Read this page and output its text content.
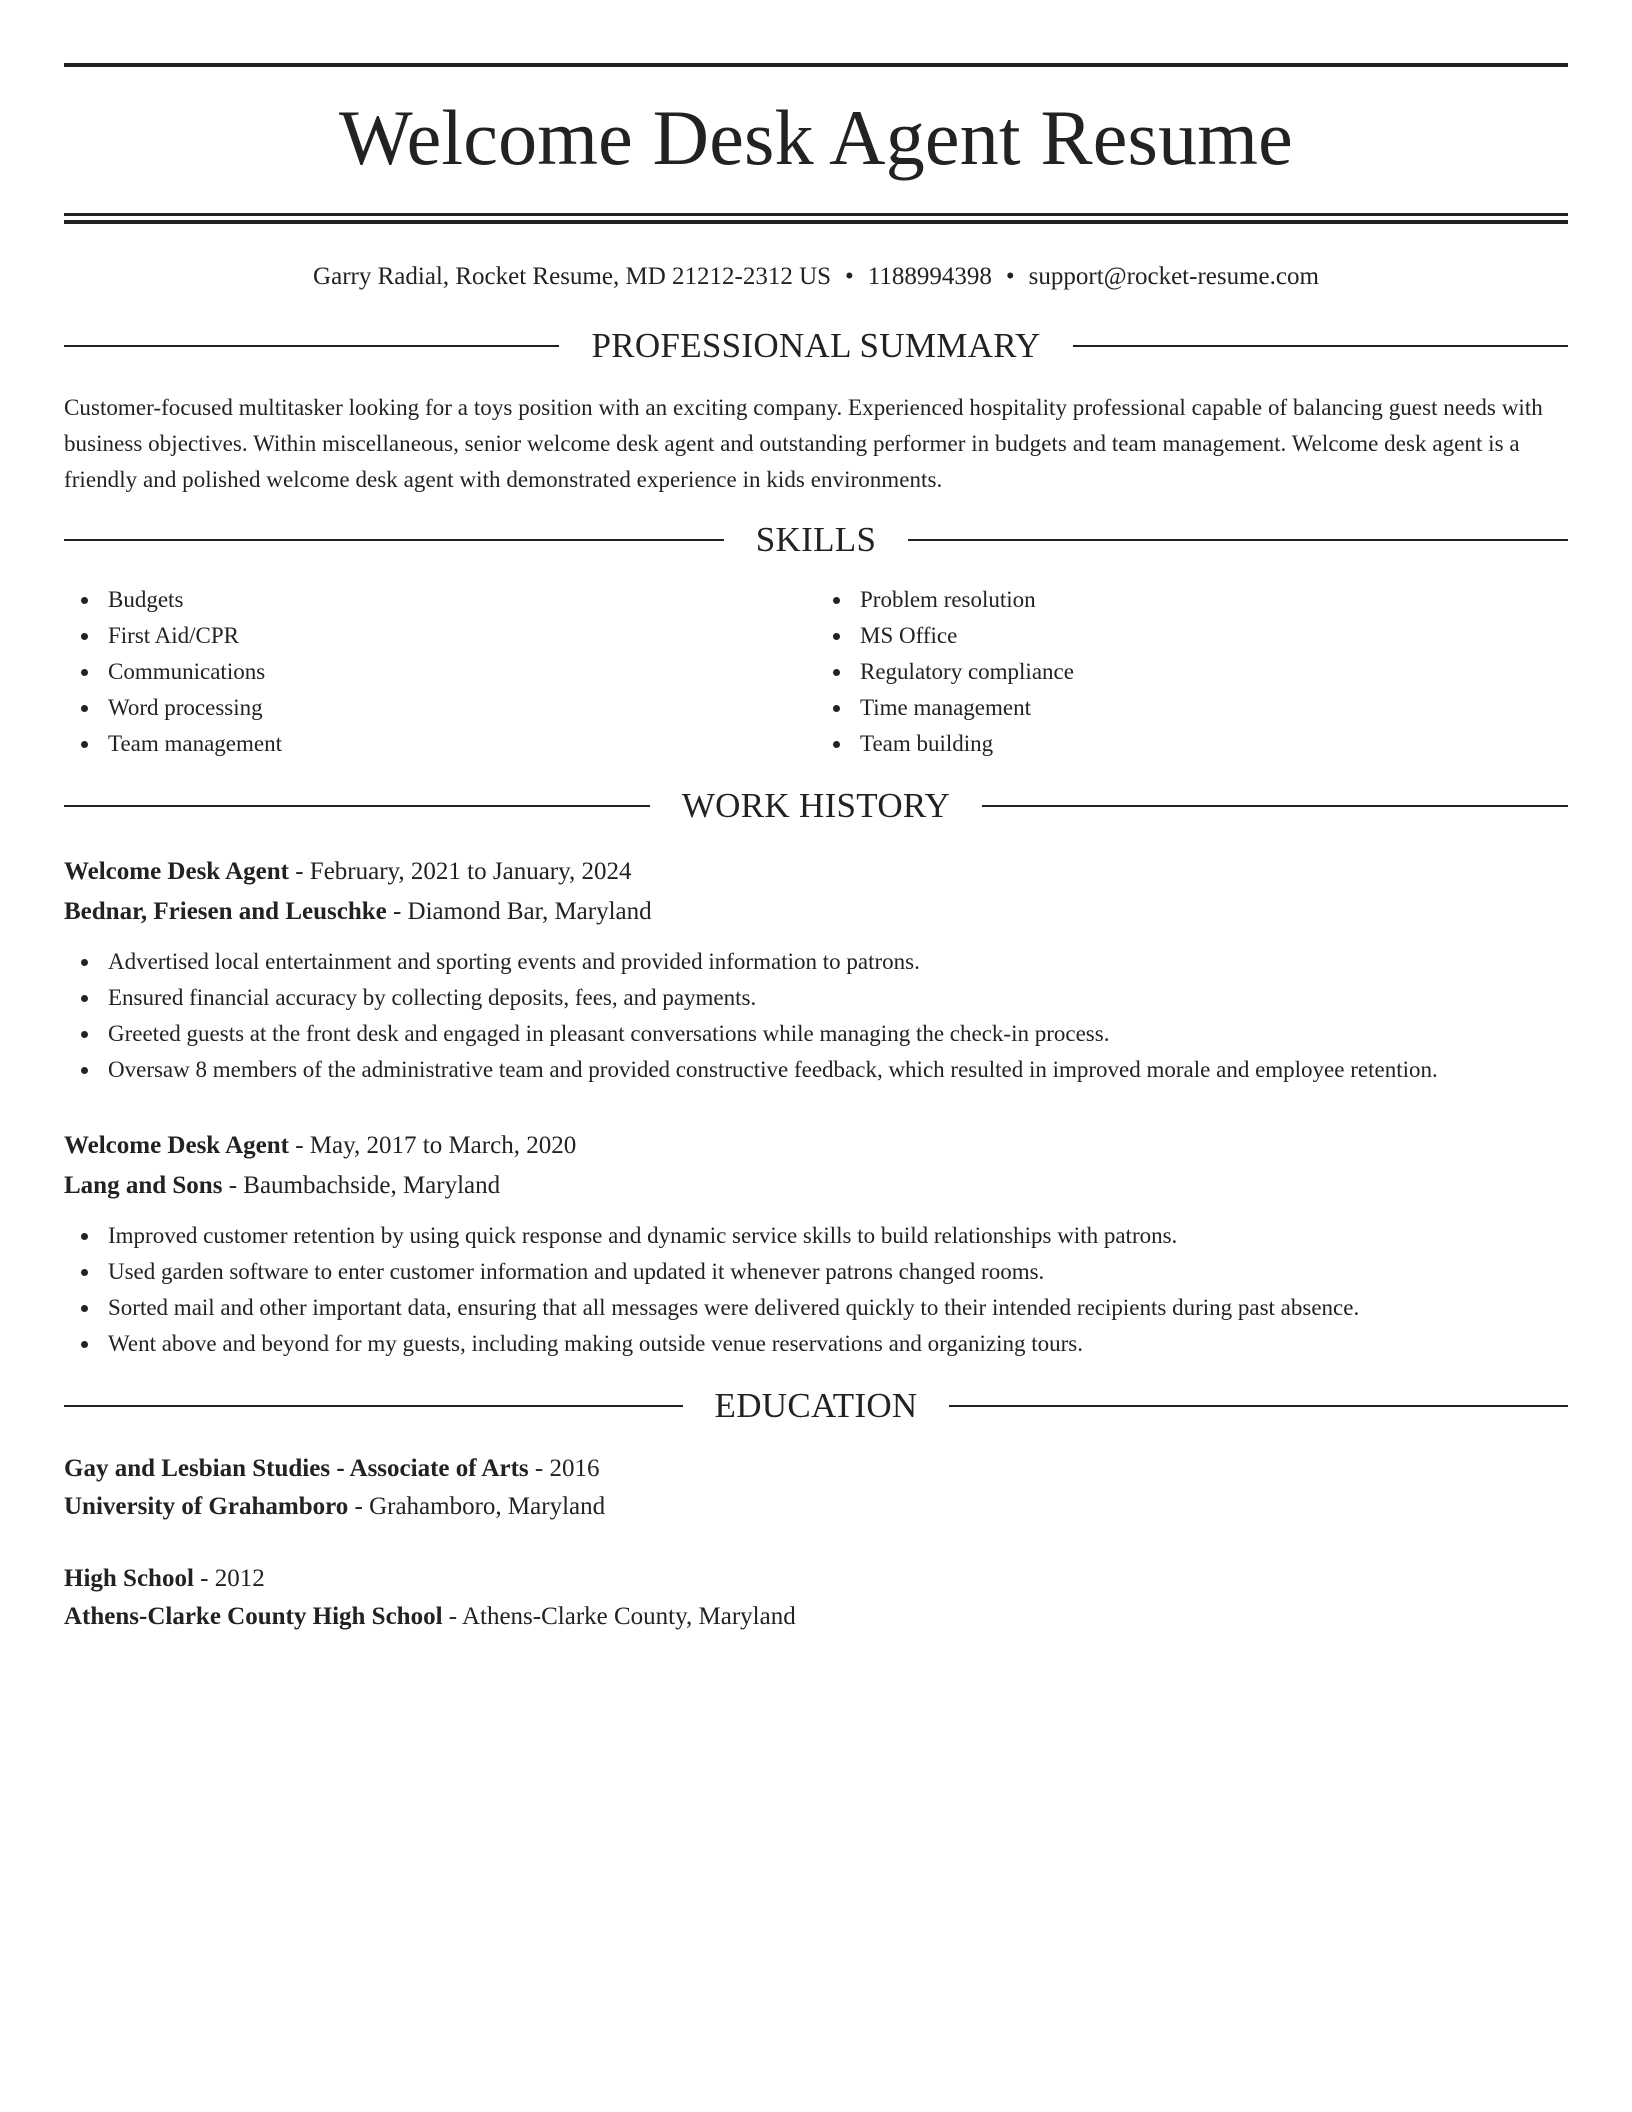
Welcome Desk Agent Resume
Garry Radial, Rocket Resume, MD 21212-2312 US • 1188994398 • support@rocket-resume.com
PROFESSIONAL SUMMARY
Customer-focused multitasker looking for a toys position with an exciting company. Experienced hospitality professional capable of balancing guest needs with business objectives. Within miscellaneous, senior welcome desk agent and outstanding performer in budgets and team management. Welcome desk agent is a friendly and polished welcome desk agent with demonstrated experience in kids environments.
SKILLS
Budgets
First Aid/CPR
Communications
Word processing
Team management
Problem resolution
MS Office
Regulatory compliance
Time management
Team building
WORK HISTORY
Welcome Desk Agent - February, 2021 to January, 2024
Bednar, Friesen and Leuschke - Diamond Bar, Maryland
Advertised local entertainment and sporting events and provided information to patrons.
Ensured financial accuracy by collecting deposits, fees, and payments.
Greeted guests at the front desk and engaged in pleasant conversations while managing the check-in process.
Oversaw 8 members of the administrative team and provided constructive feedback, which resulted in improved morale and employee retention.
Welcome Desk Agent - May, 2017 to March, 2020
Lang and Sons - Baumbachside, Maryland
Improved customer retention by using quick response and dynamic service skills to build relationships with patrons.
Used garden software to enter customer information and updated it whenever patrons changed rooms.
Sorted mail and other important data, ensuring that all messages were delivered quickly to their intended recipients during past absence.
Went above and beyond for my guests, including making outside venue reservations and organizing tours.
EDUCATION
Gay and Lesbian Studies - Associate of Arts - 2016
University of Grahamboro - Grahamboro, Maryland
High School - 2012
Athens-Clarke County High School - Athens-Clarke County, Maryland
